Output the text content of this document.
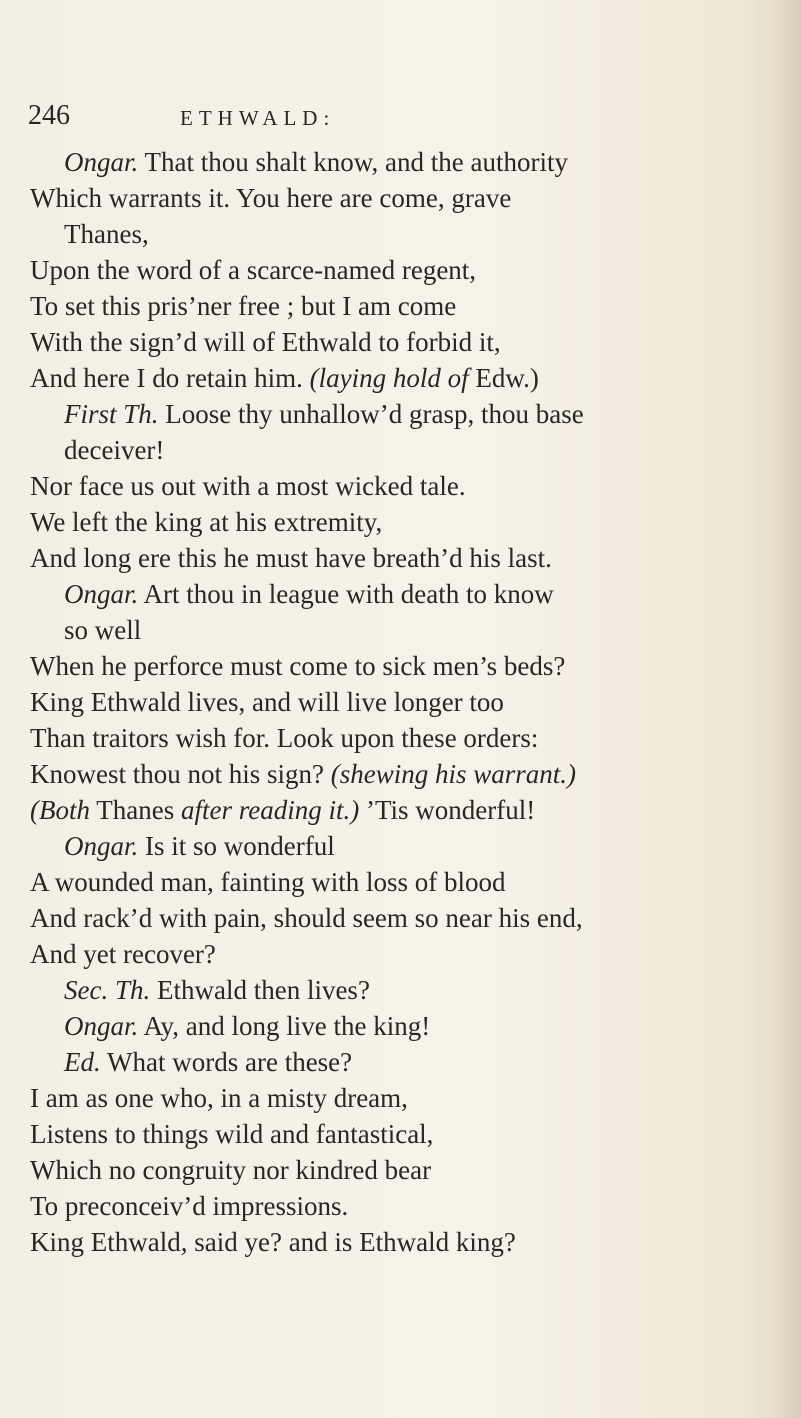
246	ETHWALD:
Ongar. That thou shalt know, and the authority
Which warrants it. You here are come, grave
Thanes,
Upon the word of a scarce-named regent,
To set this pris’ner free ; but I am come
With the sign’d will of Ethwald to forbid it,
And here I do retain him. (laying hold of Edw.)
First Th. Loose thy unhallow’d grasp, thou base
deceiver!
Nor face us out with a most wicked tale.
We left the king at his extremity,
And long ere this he must have breath’d his last.
Ongar. Art thou in league with death to know
so well
When he perforce must come to sick men’s beds?
King Ethwald lives, and will live longer too
Than traitors wish for. Look upon these orders:
Knowest thou not his sign? (shewing his warrant.)
(Both Thanes after reading it.) ’Tis wonderful!
Ongar. Is it so wonderful
A wounded man, fainting with loss of blood
And rack’d with pain, should seem so near his end,
And yet recover?
Sec. Th. Ethwald then lives?
Ongar. Ay, and long live the king!
Ed. What words are these?
I am as one who, in a misty dream,
Listens to things wild and fantastical,
Which no congruity nor kindred bear
To preconceiv’d impressions.
King Ethwald, said ye? and is Ethwald king?
